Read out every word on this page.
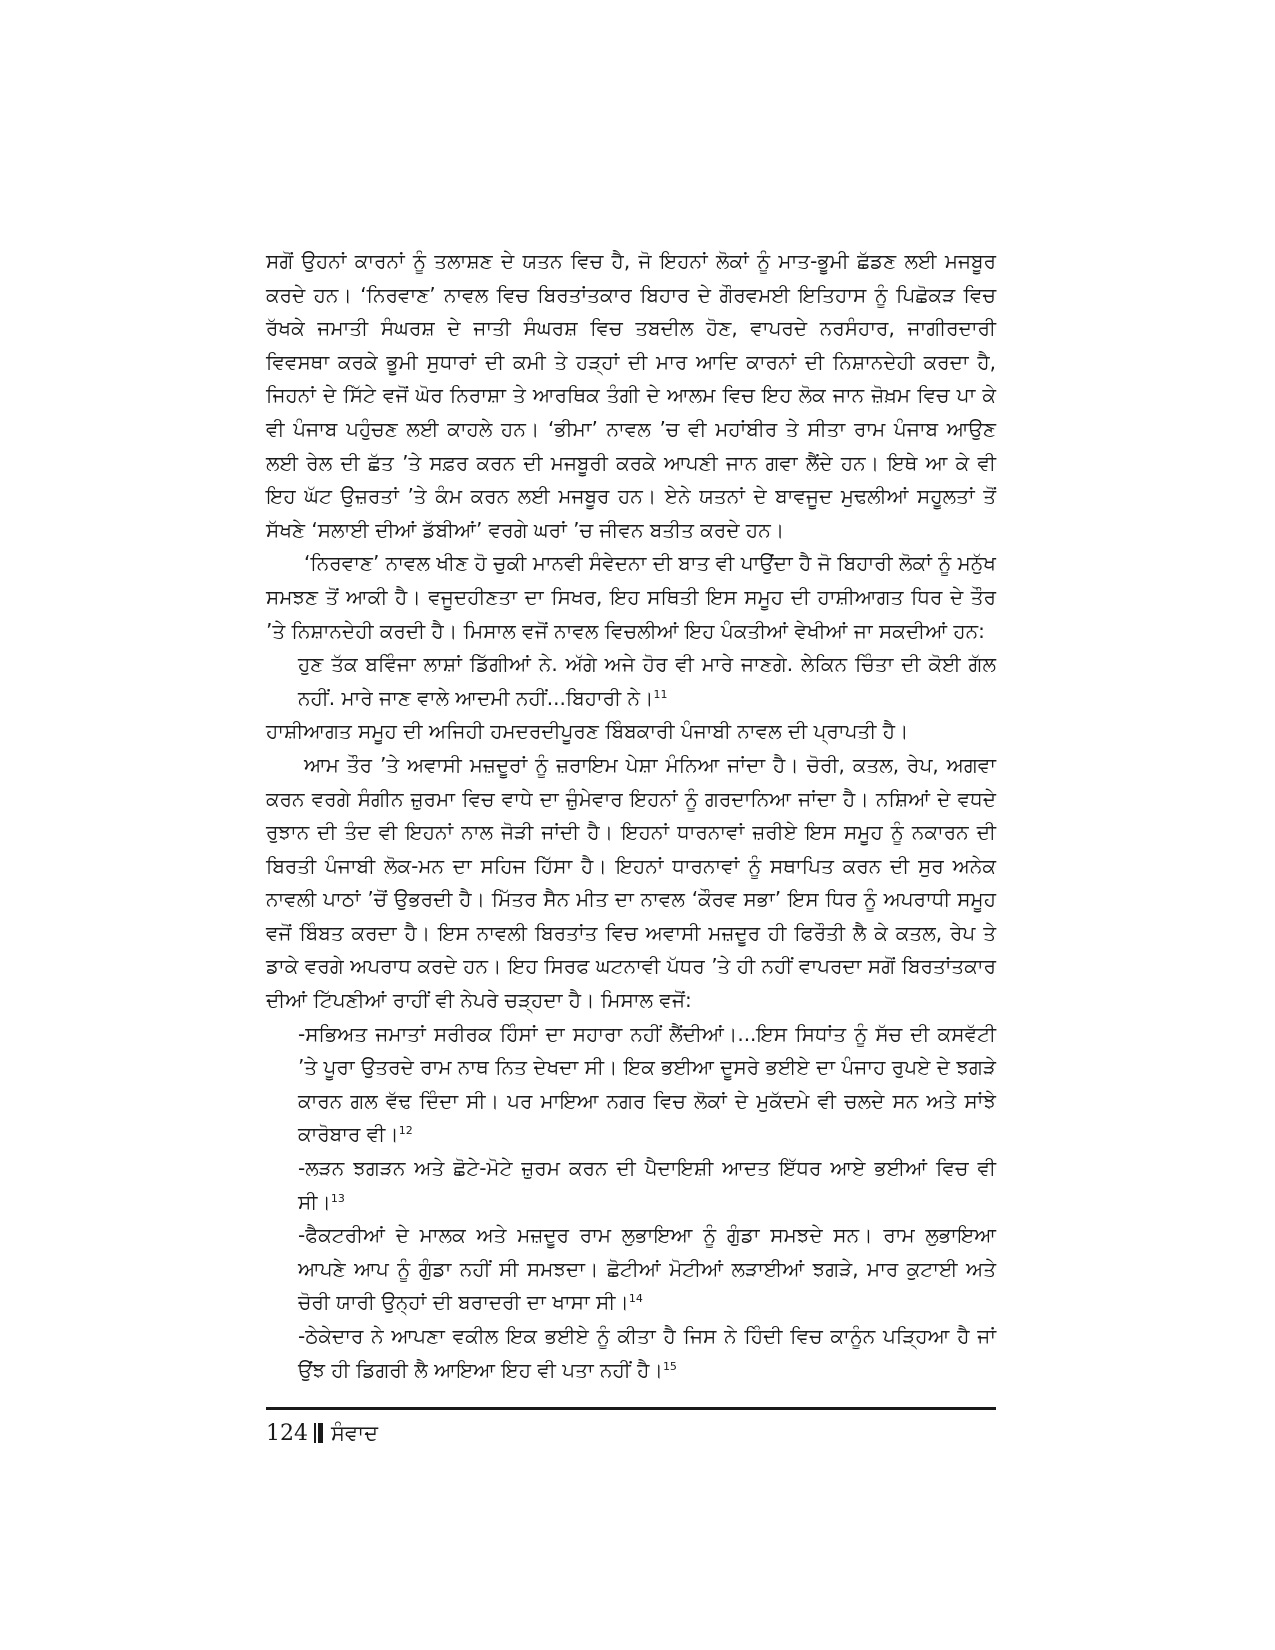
ਸਗੋਂ ਉਹਨਾਂ ਕਾਰਨਾਂ ਨੂੰ ਤਲਾਸ਼ਣ ਦੇ ਯਤਨ ਵਿਚ ਹੈ, ਜੋ ਇਹਨਾਂ ਲੋਕਾਂ ਨੂੰ ਮਾਤ-ਭੂਮੀ ਛੱਡਣ ਲਈ ਮਜਬੂਰ ਕਰਦੇ ਹਨ। ‘ਨਿਰਵਾਣ’ ਨਾਵਲ ਵਿਚ ਬਿਰਤਾਂਤਕਾਰ ਬਿਹਾਰ ਦੇ ਗੌਰਵਮਈ ਇਤਿਹਾਸ ਨੂੰ ਪਿਛੋਕੜ ਵਿਚ ਰੱਖਕੇ ਜਮਾਤੀ ਸੰਘਰਸ਼ ਦੇ ਜਾਤੀ ਸੰਘਰਸ਼ ਵਿਚ ਤਬਦੀਲ ਹੋਣ, ਵਾਪਰਦੇ ਨਰਸੰਹਾਰ, ਜਾਗੀਰਦਾਰੀ ਵਿਵਸਥਾ ਕਰਕੇ ਭੂਮੀ ਸੁਧਾਰਾਂ ਦੀ ਕਮੀ ਤੇ ਹੜ੍ਹਾਂ ਦੀ ਮਾਰ ਆਦਿ ਕਾਰਨਾਂ ਦੀ ਨਿਸ਼ਾਨਦੇਹੀ ਕਰਦਾ ਹੈ, ਜਿਹਨਾਂ ਦੇ ਸਿੱਟੇ ਵਜੋਂ ਘੋਰ ਨਿਰਾਸ਼ਾ ਤੇ ਆਰਥਿਕ ਤੰਗੀ ਦੇ ਆਲਮ ਵਿਚ ਇਹ ਲੋਕ ਜਾਨ ਜ਼ੋਖ਼ਮ ਵਿਚ ਪਾ ਕੇ ਵੀ ਪੰਜਾਬ ਪਹੁੰਚਣ ਲਈ ਕਾਹਲੇ ਹਨ। ‘ਭੀਮਾ’ ਨਾਵਲ ’ਚ ਵੀ ਮਹਾਂਬੀਰ ਤੇ ਸੀਤਾ ਰਾਮ ਪੰਜਾਬ ਆਉਣ ਲਈ ਰੇਲ ਦੀ ਛੱਤ ’ਤੇ ਸਫ਼ਰ ਕਰਨ ਦੀ ਮਜਬੂਰੀ ਕਰਕੇ ਆਪਣੀ ਜਾਨ ਗਵਾ ਲੈਂਦੇ ਹਨ। ਇਥੇ ਆ ਕੇ ਵੀ ਇਹ ਘੱਟ ਉਜ਼ਰਤਾਂ ’ਤੇ ਕੰਮ ਕਰਨ ਲਈ ਮਜਬੂਰ ਹਨ। ਏਨੇ ਯਤਨਾਂ ਦੇ ਬਾਵਜੂਦ ਮੁਢਲੀਆਂ ਸਹੂਲਤਾਂ ਤੋਂ ਸੱਖਣੇ ‘ਸਲਾਈ ਦੀਆਂ ਡੱਬੀਆਂ’ ਵਰਗੇ ਘਰਾਂ ’ਚ ਜੀਵਨ ਬਤੀਤ ਕਰਦੇ ਹਨ।

‘ਨਿਰਵਾਣ’ ਨਾਵਲ ਖੀਣ ਹੋ ਚੁਕੀ ਮਾਨਵੀ ਸੰਵੇਦਨਾ ਦੀ ਬਾਤ ਵੀ ਪਾਉਂਦਾ ਹੈ ਜੋ ਬਿਹਾਰੀ ਲੋਕਾਂ ਨੂੰ ਮਨੁੱਖ ਸਮਝਣ ਤੋਂ ਆਕੀ ਹੈ। ਵਜੂਦਹੀਣਤਾ ਦਾ ਸਿਖਰ, ਇਹ ਸਥਿਤੀ ਇਸ ਸਮੂਹ ਦੀ ਹਾਸ਼ੀਆਗਤ ਧਿਰ ਦੇ ਤੌਰ ’ਤੇ ਨਿਸ਼ਾਨਦੇਹੀ ਕਰਦੀ ਹੈ। ਮਿਸਾਲ ਵਜੋਂ ਨਾਵਲ ਵਿਚਲੀਆਂ ਇਹ ਪੰਕਤੀਆਂ ਵੇਖੀਆਂ ਜਾ ਸਕਦੀਆਂ ਹਨ:

ਹੁਣ ਤੱਕ ਬਵਿੰਜਾ ਲਾਸ਼ਾਂ ਡਿੱਗੀਆਂ ਨੇ. ਅੱਗੇ ਅਜੇ ਹੋਰ ਵੀ ਮਾਰੇ ਜਾਣਗੇ. ਲੇਕਿਨ ਚਿੰਤਾ ਦੀ ਕੋਈ ਗੱਲ ਨਹੀਂ. ਮਾਰੇ ਜਾਣ ਵਾਲੇ ਆਦਮੀ ਨਹੀਂ...ਬਿਹਾਰੀ ਨੇ।$^{11}$

ਹਾਸ਼ੀਆਗਤ ਸਮੂਹ ਦੀ ਅਜਿਹੀ ਹਮਦਰਦੀਪੂਰਣ ਬਿੰਬਕਾਰੀ ਪੰਜਾਬੀ ਨਾਵਲ ਦੀ ਪ੍ਰਾਪਤੀ ਹੈ।

ਆਮ ਤੌਰ ’ਤੇ ਅਵਾਸੀ ਮਜ਼ਦੂਰਾਂ ਨੂੰ ਜ਼ਰਾਇਮ ਪੇਸ਼ਾ ਮੰਨਿਆ ਜਾਂਦਾ ਹੈ। ਚੋਰੀ, ਕਤਲ, ਰੇਪ, ਅਗਵਾ ਕਰਨ ਵਰਗੇ ਸੰਗੀਨ ਜ਼ੁਰਮਾ ਵਿਚ ਵਾਧੇ ਦਾ ਜ਼ੁੰਮੇਵਾਰ ਇਹਨਾਂ ਨੂੰ ਗਰਦਾਨਿਆ ਜਾਂਦਾ ਹੈ। ਨਸ਼ਿਆਂ ਦੇ ਵਧਦੇ ਰੁਝਾਨ ਦੀ ਤੰਦ ਵੀ ਇਹਨਾਂ ਨਾਲ ਜੋੜੀ ਜਾਂਦੀ ਹੈ। ਇਹਨਾਂ ਧਾਰਨਾਵਾਂ ਜ਼ਰੀਏ ਇਸ ਸਮੂਹ ਨੂੰ ਨਕਾਰਨ ਦੀ ਬਿਰਤੀ ਪੰਜਾਬੀ ਲੋਕ-ਮਨ ਦਾ ਸਹਿਜ ਹਿੱਸਾ ਹੈ। ਇਹਨਾਂ ਧਾਰਨਾਵਾਂ ਨੂੰ ਸਥਾਪਿਤ ਕਰਨ ਦੀ ਸੁਰ ਅਨੇਕ ਨਾਵਲੀ ਪਾਠਾਂ ’ਚੋਂ ਉਭਰਦੀ ਹੈ। ਮਿੱਤਰ ਸੈਨ ਮੀਤ ਦਾ ਨਾਵਲ ‘ਕੌਰਵ ਸਭਾ’ ਇਸ ਧਿਰ ਨੂੰ ਅਪਰਾਧੀ ਸਮੂਹ ਵਜੋਂ ਬਿੰਬਤ ਕਰਦਾ ਹੈ। ਇਸ ਨਾਵਲੀ ਬਿਰਤਾਂਤ ਵਿਚ ਅਵਾਸੀ ਮਜ਼ਦੂਰ ਹੀ ਫਿਰੌਤੀ ਲੈ ਕੇ ਕਤਲ, ਰੇਪ ਤੇ ਡਾਕੇ ਵਰਗੇ ਅਪਰਾਧ ਕਰਦੇ ਹਨ। ਇਹ ਸਿਰਫ ਘਟਨਾਵੀ ਪੱਧਰ ’ਤੇ ਹੀ ਨਹੀਂ ਵਾਪਰਦਾ ਸਗੋਂ ਬਿਰਤਾਂਤਕਾਰ ਦੀਆਂ ਟਿੱਪਣੀਆਂ ਰਾਹੀਂ ਵੀ ਨੇਪਰੇ ਚੜ੍ਹਦਾ ਹੈ। ਮਿਸਾਲ ਵਜੋਂ:

-ਸਭਿਅਤ ਜਮਾਤਾਂ ਸਰੀਰਕ ਹਿੰਸਾਂ ਦਾ ਸਹਾਰਾ ਨਹੀਂ ਲੈਂਦੀਆਂ।...ਇਸ ਸਿਧਾਂਤ ਨੂੰ ਸੱਚ ਦੀ ਕਸਵੱਟੀ ’ਤੇ ਪੂਰਾ ਉਤਰਦੇ ਰਾਮ ਨਾਥ ਨਿਤ ਦੇਖਦਾ ਸੀ। ਇਕ ਭਈਆ ਦੂਸਰੇ ਭਈਏ ਦਾ ਪੰਜਾਹ ਰੁਪਏ ਦੇ ਝਗੜੇ ਕਾਰਨ ਗਲ ਵੱਢ ਦਿੰਦਾ ਸੀ। ਪਰ ਮਾਇਆ ਨਗਰ ਵਿਚ ਲੋਕਾਂ ਦੇ ਮੁਕੱਦਮੇ ਵੀ ਚਲਦੇ ਸਨ ਅਤੇ ਸਾਂਝੇ ਕਾਰੋਬਾਰ ਵੀ।$^{12}$

-ਲੜਨ ਝਗੜਨ ਅਤੇ ਛੋਟੇ-ਮੋਟੇ ਜ਼ੁਰਮ ਕਰਨ ਦੀ ਪੈਦਾਇਸ਼ੀ ਆਦਤ ਇੱਧਰ ਆਏ ਭਈਆਂ ਵਿਚ ਵੀ ਸੀ।$^{13}$

-ਫੈਕਟਰੀਆਂ ਦੇ ਮਾਲਕ ਅਤੇ ਮਜ਼ਦੂਰ ਰਾਮ ਲੁਭਾਇਆ ਨੂੰ ਗੁੰਡਾ ਸਮਝਦੇ ਸਨ। ਰਾਮ ਲੁਭਾਇਆ ਆਪਣੇ ਆਪ ਨੂੰ ਗੁੰਡਾ ਨਹੀਂ ਸੀ ਸਮਝਦਾ। ਛੋਟੀਆਂ ਮੋਟੀਆਂ ਲੜਾਈਆਂ ਝਗੜੇ, ਮਾਰ ਕੁਟਾਈ ਅਤੇ ਚੋਰੀ ਯਾਰੀ ਉਨ੍ਹਾਂ ਦੀ ਬਰਾਦਰੀ ਦਾ ਖਾਸਾ ਸੀ।$^{14}$

-ਠੇਕੇਦਾਰ ਨੇ ਆਪਣਾ ਵਕੀਲ ਇਕ ਭਈਏ ਨੂੰ ਕੀਤਾ ਹੈ ਜਿਸ ਨੇ ਹਿੰਦੀ ਵਿਚ ਕਾਨੂੰਨ ਪੜ੍ਹਿਆ ਹੈ ਜਾਂ ਉਂਝ ਹੀ ਡਿਗਰੀ ਲੈ ਆਇਆ ਇਹ ਵੀ ਪਤਾ ਨਹੀਂ ਹੈ।$^{15}$

124 ਸੰਵਾਦ
